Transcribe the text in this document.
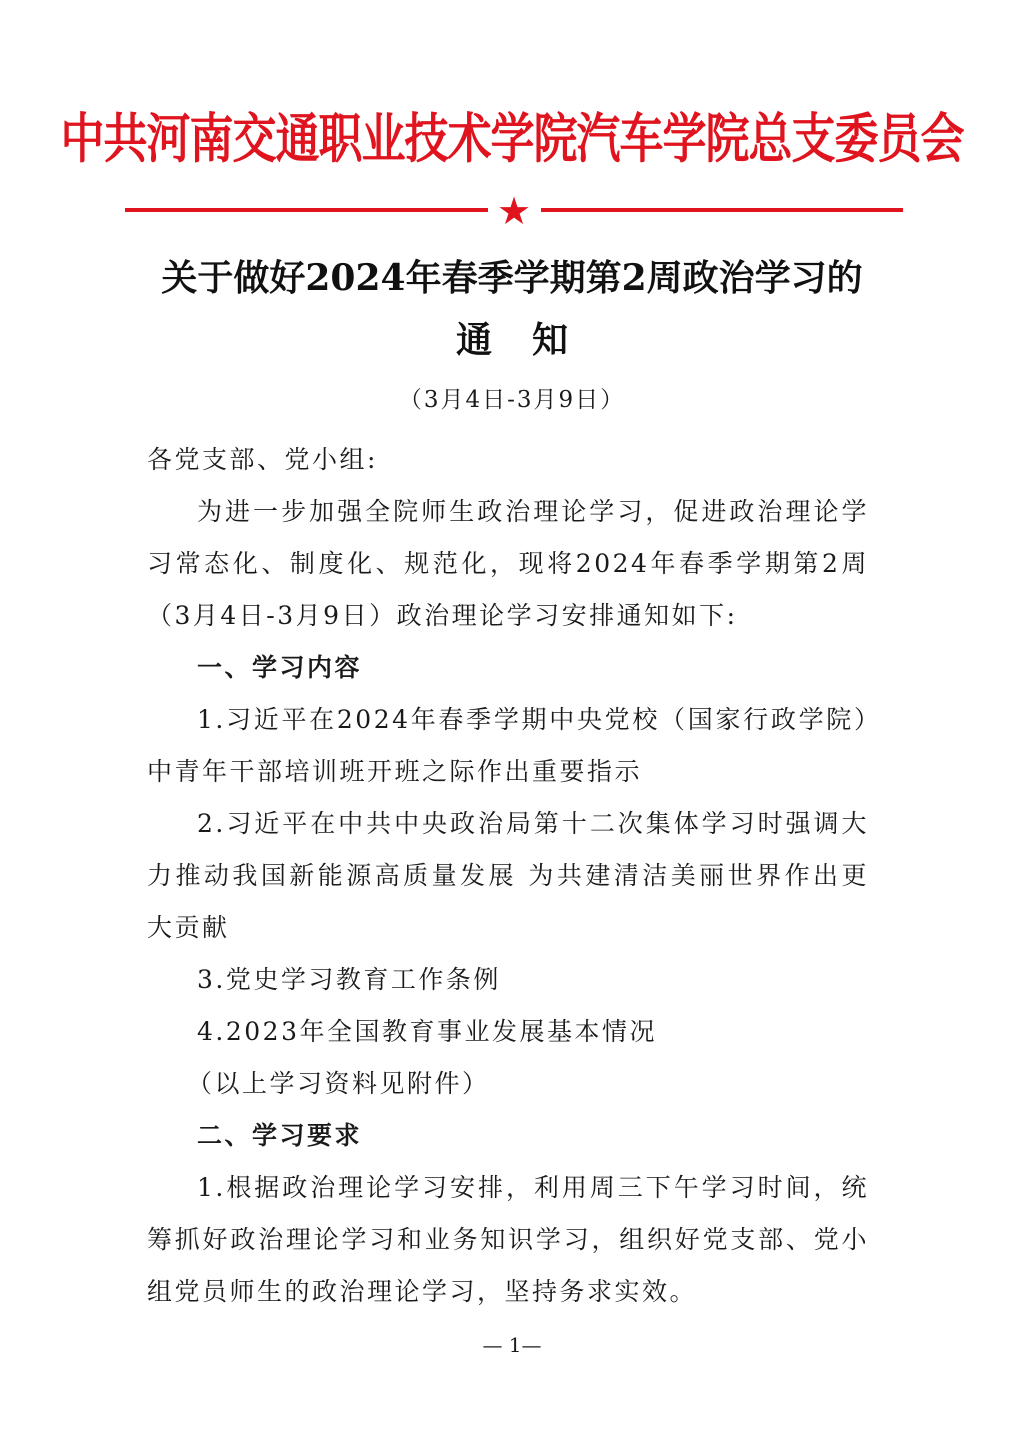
中共河南交通职业技术学院汽车学院总支委员会
★
关于做好2024年春季学期第2周政治学习的
通知
（3月4日-3月9日）

各党支部、党小组:

为进一步加强全院师生政治理论学习，促进政治理论学习常态化、制度化、规范化，现将2024年春季学期第2周（3月4日-3月9日）政治理论学习安排通知如下:

一、学习内容

1.习近平在2024年春季学期中央党校（国家行政学院）中青年干部培训班开班之际作出重要指示

2.习近平在中共中央政治局第十二次集体学习时强调大力推动我国新能源高质量发展 为共建清洁美丽世界作出更大贡献

3.党史学习教育工作条例

4.2023年全国教育事业发展基本情况

（以上学习资料见附件）

二、学习要求

1.根据政治理论学习安排，利用周三下午学习时间，统筹抓好政治理论学习和业务知识学习，组织好党支部、党小组党员师生的政治理论学习，坚持务求实效。

— 1—
